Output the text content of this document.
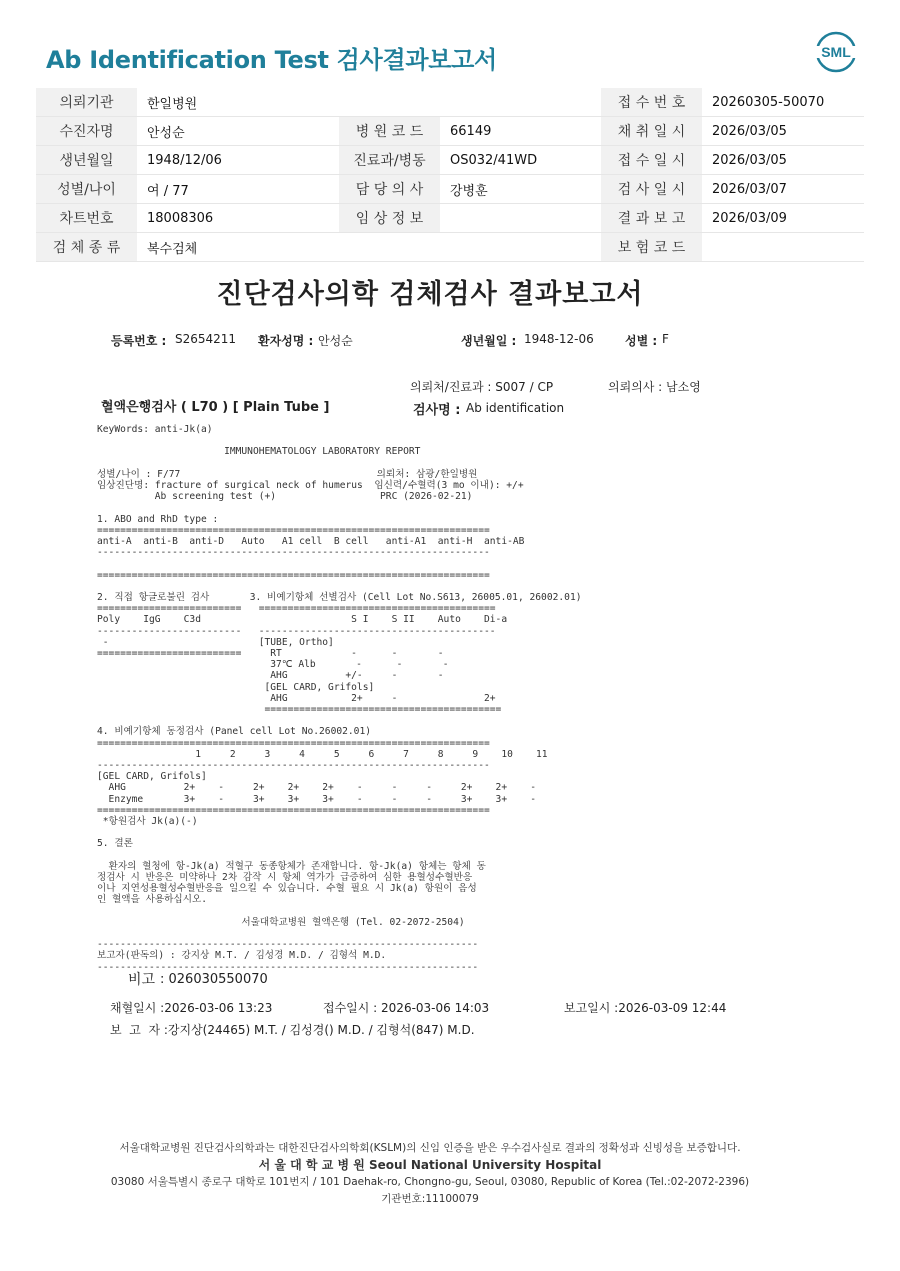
Ab Identification Test 검사결과보고서	SML
의뢰기관	한일병원			접 수 번 호	20260305-50070
수진자명	안성순	병 원 코 드	66149	채 취 일 시	2026/03/05
생년월일	1948/12/06	진료과/병동	OS032/41WD	접 수 일 시	2026/03/05
성별/나이	여 / 77	담 당 의 사	강병훈	검 사 일 시	2026/03/07
차트번호	18008306	임 상 정 보		결 과 보 고	2026/03/09
검 체 종 류	복수검체			보 험 코 드	
진단검사의학 검체검사 결과보고서
등록번호 : S2654211 환자성명 : 안성순	생년월일 : 1948-12-06	성별 : F
의뢰처/진료과 : S007 / CP	의뢰의사 : 남소영
혈액은행검사 ( L70 ) [ Plain Tube ]	검사명 : Ab identification
KeyWords: anti-Jk(a)
IMMUNOHEMATOLOGY LABORATORY REPORT
성별/나이 : F/77                                  의뢰처: 삼광/한일병원
임상진단명: fracture of surgical neck of humerus  임신력/수혈력(3 mo 이내): +/+
Ab screening test (+)                  PRC (2026-02-21)
1. ABO and RhD type :
====================================================================
anti-A  anti-B  anti-D   Auto   A1 cell  B cell   anti-A1  anti-H  anti-AB
--------------------------------------------------------------------
====================================================================
2. 직접 항글로불린 검사       3. 비예기항체 선별검사 (Cell Lot No.S613, 26005.01, 26002.01)
=========================   =========================================
Poly    IgG    C3d                          S I    S II    Auto    Di-a
-------------------------   -----------------------------------------
-                          [TUBE, Ortho]
=========================     RT            -      -       -
37℃ Alb       -      -       -
AHG          +/-     -       -
[GEL CARD, Grifols]
AHG           2+     -               2+
=========================================
4. 비예기항체 동정검사 (Panel cell Lot No.26002.01)
====================================================================
1     2     3     4     5     6     7     8     9    10    11
--------------------------------------------------------------------
[GEL CARD, Grifols]
AHG          2+    -     2+    2+    2+    -     -     -     2+    2+    -
Enzyme       3+    -     3+    3+    3+    -     -     -     3+    3+    -
====================================================================
*항원검사 Jk(a)(-)
5. 결론
환자의 혈청에 항-Jk(a) 적혈구 동종항체가 존재합니다. 항-Jk(a) 항체는 항체 동
정검사 시 반응은 미약하나 2차 감작 시 항체 역가가 급증하여 심한 용혈성수혈반응
이나 지연성용혈성수혈반응을 일으킬 수 있습니다. 수혈 필요 시 Jk(a) 항원이 음성
인 혈액을 사용하십시오.
서울대학교병원 혈액은행 (Tel. 02-2072-2504)
------------------------------------------------------------------
보고자(판독의) : 강지상 M.T. / 김성경 M.D. / 김형석 M.D.
------------------------------------------------------------------
비고 : 026030550070
채혈일시 :2026-03-06 13:23	접수일시 : 2026-03-06 14:03	보고일시 :2026-03-09 12:44
보  고  자 :강지상(24465) M.T. / 김성경() M.D. / 김형석(847) M.D.
서울대학교병원 진단검사의학과는 대한진단검사의학회(KSLM)의 신임 인증을 받은 우수검사실로 결과의 정확성과 신빙성을 보증합니다.
서 울 대 학 교 병 원 Seoul National University Hospital
03080 서울특별시 종로구 대학로 101번지 / 101 Daehak-ro, Chongno-gu, Seoul, 03080, Republic of Korea (Tel.:02-2072-2396)
기관번호:11100079
